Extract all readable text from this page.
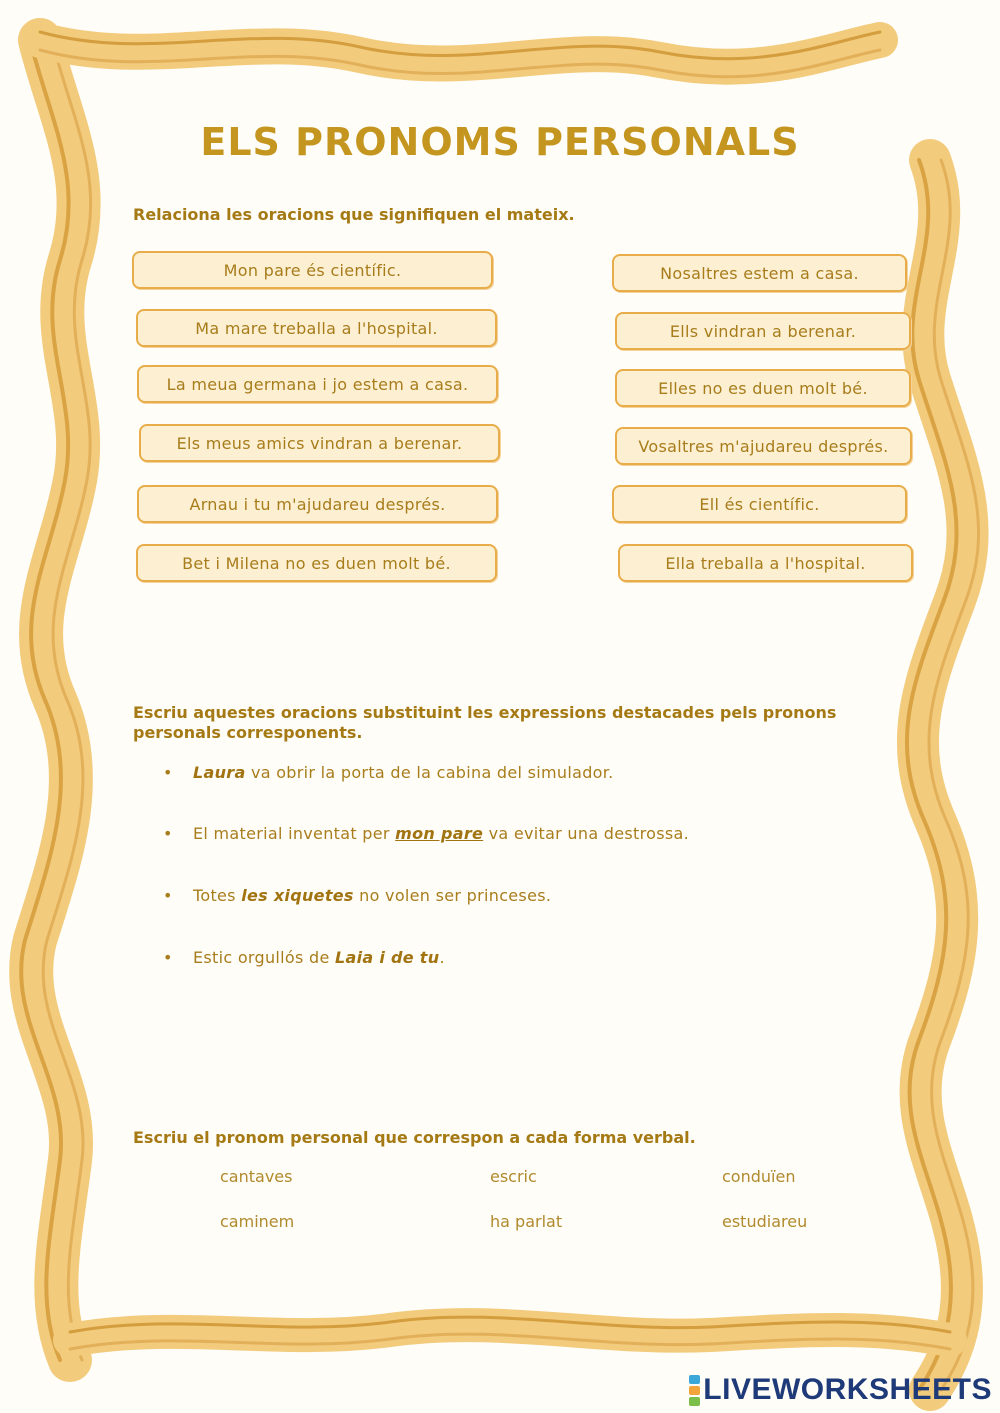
ELS PRONOMS PERSONALS
Relaciona les oracions que signifiquen el mateix.
Mon pare és científic.
Ma mare treballa a l'hospital.
La meua germana i jo estem a casa.
Els meus amics vindran a berenar.
Arnau i tu m'ajudareu després.
Bet i Milena no es duen molt bé.
Nosaltres estem a casa.
Ells vindran a berenar.
Elles no es duen molt bé.
Vosaltres m'ajudareu després.
Ell és científic.
Ella treballa a l'hospital.
Escriu aquestes oracions substituint les expressions destacades pels pronons personals corresponents.
• Laura va obrir la porta de la cabina del simulador.
• El material inventat per mon pare va evitar una destrossa.
• Totes les xiquetes no volen ser princeses.
• Estic orgullós de Laia i de tu.
Escriu el pronom personal que correspon a cada forma verbal.
cantaves	escric	conduïen
caminem	ha parlat	estudiareu
LIVEWORKSHEETS
